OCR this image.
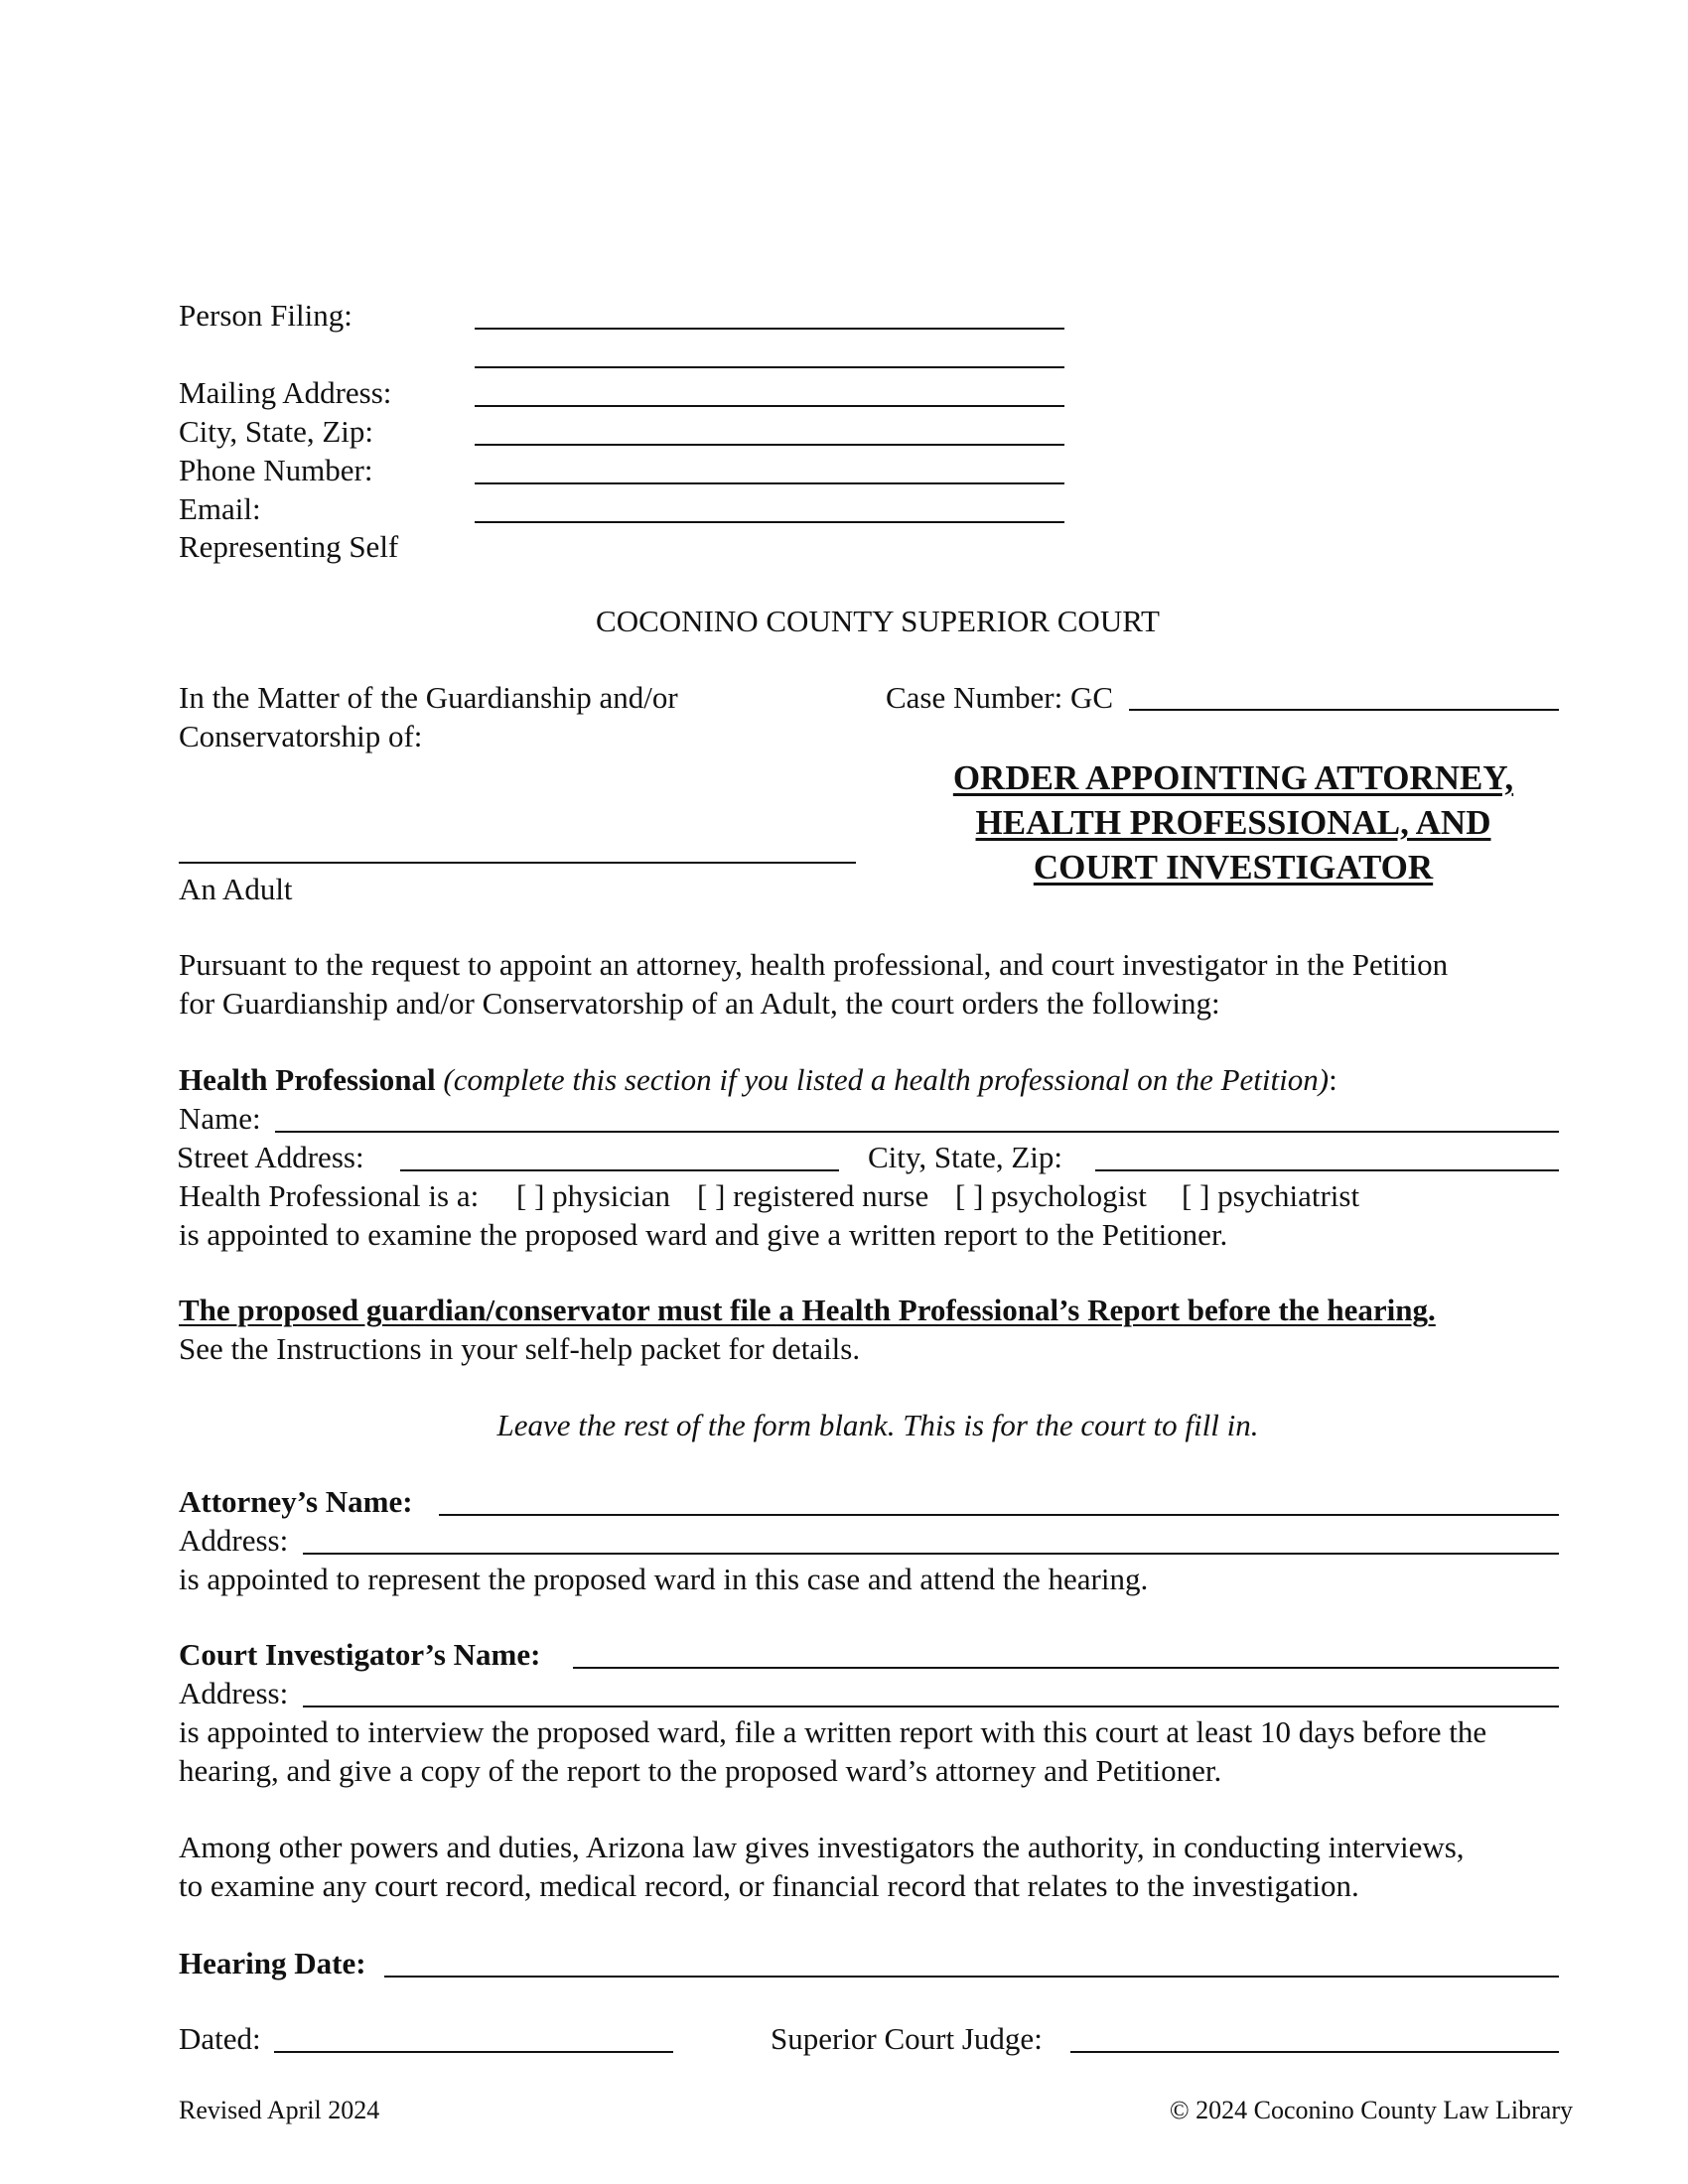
Person Filing:
Mailing Address:
City, State, Zip:
Phone Number:
Email:
Representing Self
COCONINO COUNTY SUPERIOR COURT
In the Matter of the Guardianship and/or
Conservatorship of:
An Adult
Case Number: GC
ORDER APPOINTING ATTORNEY,
HEALTH PROFESSIONAL, AND
COURT INVESTIGATOR
Pursuant to the request to appoint an attorney, health professional, and court investigator in the Petition
for Guardianship and/or Conservatorship of an Adult, the court orders the following:
Health Professional (complete this section if you listed a health professional on the Petition):
Name:
Street Address:	City, State, Zip:
Health Professional is a: [ ] physician [ ] registered nurse [ ] psychologist [ ] psychiatrist
is appointed to examine the proposed ward and give a written report to the Petitioner.
The proposed guardian/conservator must file a Health Professional’s Report before the hearing.
See the Instructions in your self-help packet for details.
Leave the rest of the form blank. This is for the court to fill in.
Attorney’s Name:
Address:
is appointed to represent the proposed ward in this case and attend the hearing.
Court Investigator’s Name:
Address:
is appointed to interview the proposed ward, file a written report with this court at least 10 days before the
hearing, and give a copy of the report to the proposed ward’s attorney and Petitioner.
Among other powers and duties, Arizona law gives investigators the authority, in conducting interviews,
to examine any court record, medical record, or financial record that relates to the investigation.
Hearing Date:
Dated:	Superior Court Judge:
Revised April 2024	© 2024 Coconino County Law Library
